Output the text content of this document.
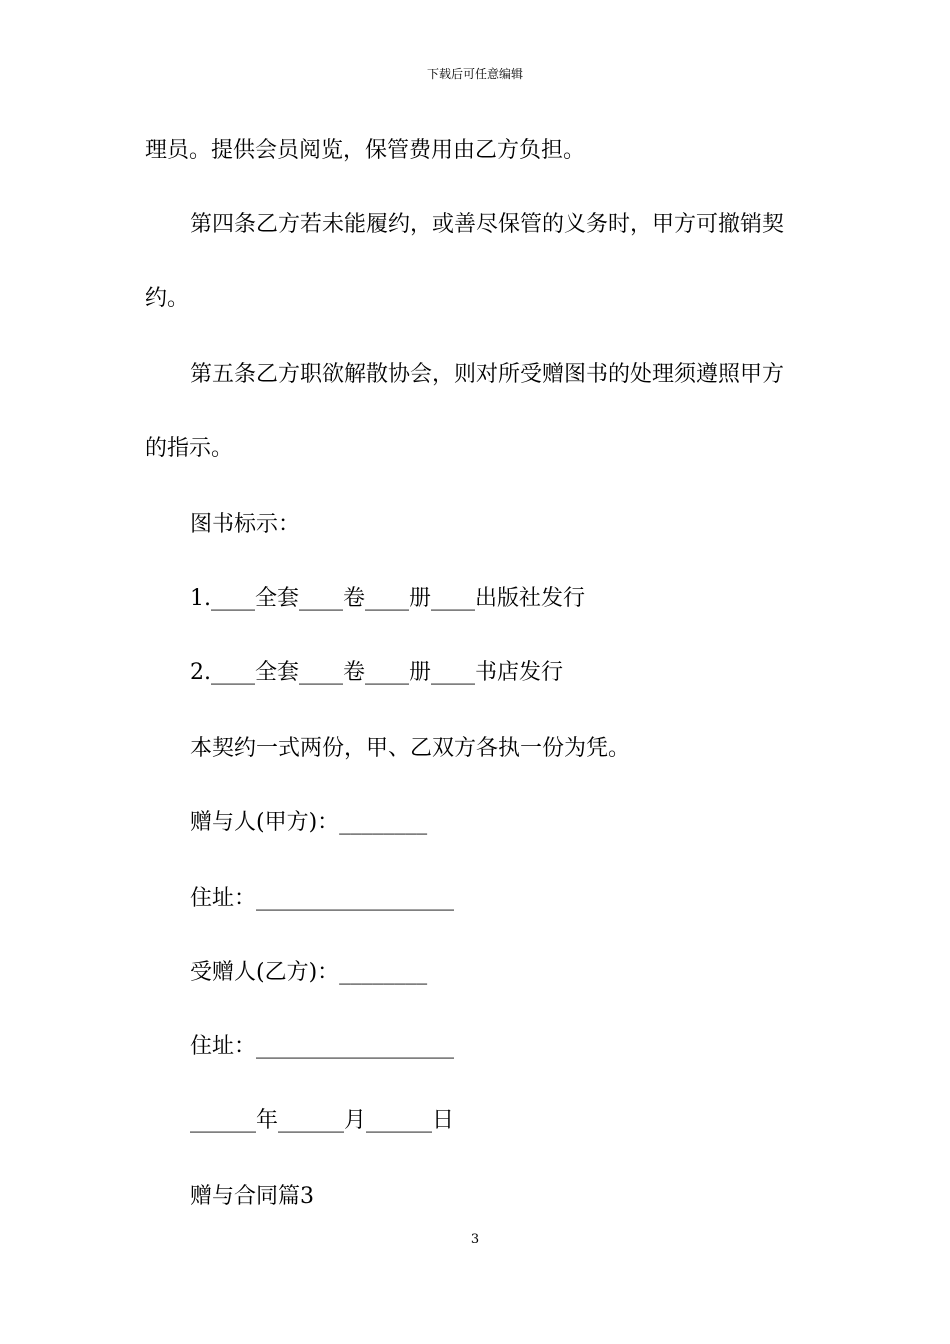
下载后可任意编辑
理员。提供会员阅览，保管费用由乙方负担。
第四条乙方若未能履约，或善尽保管的义务时，甲方可撤销契
约。
第五条乙方职欲解散协会，则对所受赠图书的处理须遵照甲方
的指示。
图书标示：
1.____全套____卷____册____出版社发行
2.____全套____卷____册____书店发行
本契约一式两份，甲、乙双方各执一份为凭。
赠与人(甲方)：________
住址：__________________
受赠人(乙方)：________
住址：__________________
______年______月______日
赠与合同篇3
3
